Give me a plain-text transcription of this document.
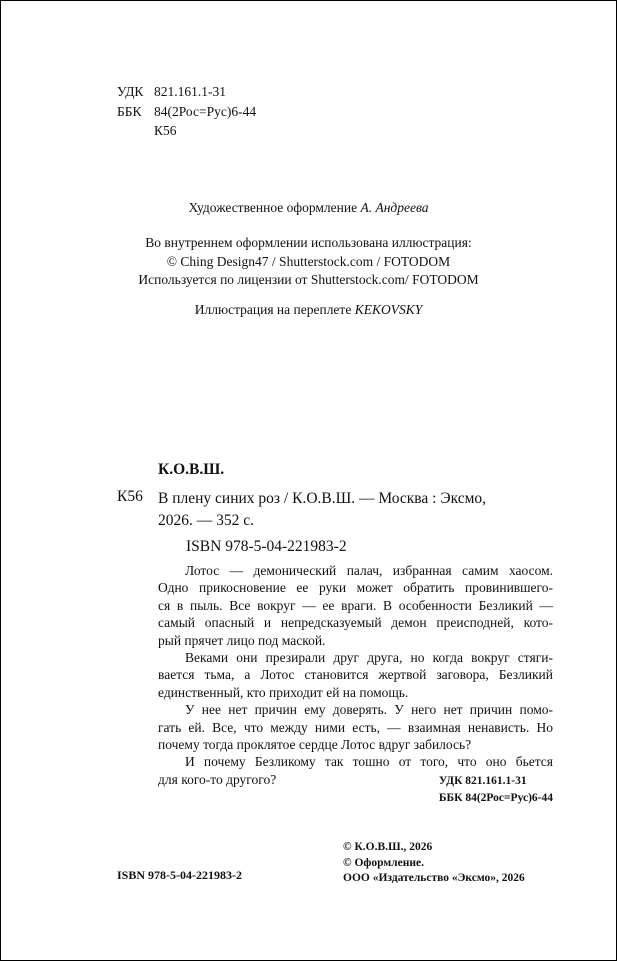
УДК 821.161.1-31
ББК 84(2Рос=Рус)6-44
К56
Художественное оформление А. Андреева
Во внутреннем оформлении использована иллюстрация:
© Ching Design47 / Shutterstock.com / FOTODOM
Используется по лицензии от Shutterstock.com/ FOTODOM
Иллюстрация на переплете KEKOVSKY
К.О.В.Ш.
К56 В плену синих роз / К.О.В.Ш. — Москва : Эксмо,
2026. — 352 с.
ISBN 978-5-04-221983-2
Лотос — демонический палач, избранная самим хаосом.
Одно прикосновение ее руки может обратить провинившего-
ся в пыль. Все вокруг — ее враги. В особенности Безликий —
самый опасный и непредсказуемый демон преисподней, кото-
рый прячет лицо под маской.
Веками они презирали друг друга, но когда вокруг стяги-
вается тьма, а Лотос становится жертвой заговора, Безликий
единственный, кто приходит ей на помощь.
У нее нет причин ему доверять. У него нет причин помо-
гать ей. Все, что между ними есть, — взаимная ненависть. Но
почему тогда проклятое сердце Лотос вдруг забилось?
И почему Безликому так тошно от того, что оно бьется
для кого-то другого?	УДК 821.161.1-31
ББК 84(2Рос=Рус)6-44
© К.О.В.Ш., 2026
© Оформление.
ООО «Издательство «Эксмо», 2026
ISBN 978-5-04-221983-2
